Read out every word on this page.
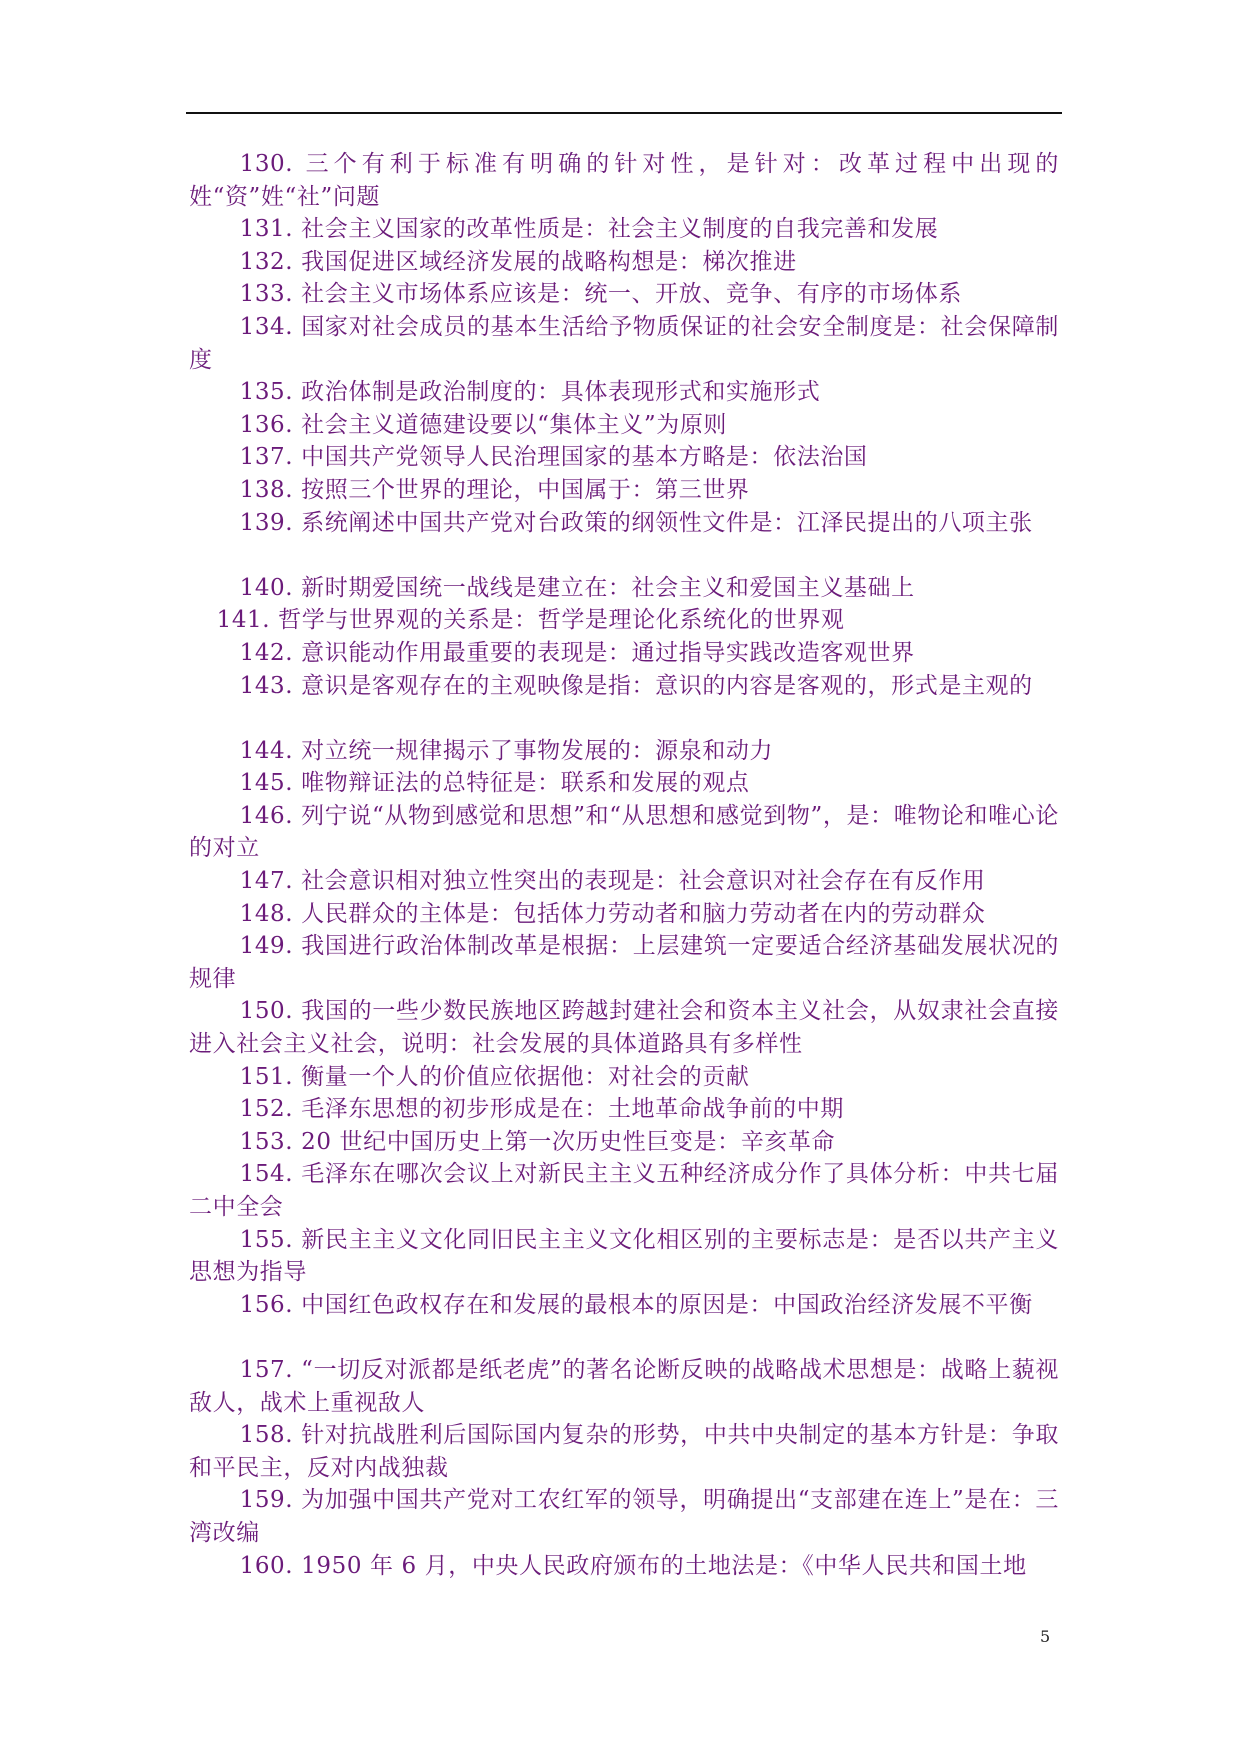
130. 三个有利于标准有明确的针对性，是针对：改革过程中出现的姓“资”姓“社”问题

131. 社会主义国家的改革性质是：社会主义制度的自我完善和发展

132. 我国促进区域经济发展的战略构想是：梯次推进

133. 社会主义市场体系应该是：统一、开放、竞争、有序的市场体系

134. 国家对社会成员的基本生活给予物质保证的社会安全制度是：社会保障制度

135. 政治体制是政治制度的：具体表现形式和实施形式

136. 社会主义道德建设要以“集体主义”为原则

137. 中国共产党领导人民治理国家的基本方略是：依法治国

138. 按照三个世界的理论，中国属于：第三世界

139. 系统阐述中国共产党对台政策的纲领性文件是：江泽民提出的八项主张

140. 新时期爱国统一战线是建立在：社会主义和爱国主义基础上

141. 哲学与世界观的关系是：哲学是理论化系统化的世界观

142. 意识能动作用最重要的表现是：通过指导实践改造客观世界

143. 意识是客观存在的主观映像是指：意识的内容是客观的，形式是主观的

144. 对立统一规律揭示了事物发展的：源泉和动力

145. 唯物辩证法的总特征是：联系和发展的观点

146. 列宁说“从物到感觉和思想”和“从思想和感觉到物”，是：唯物论和唯心论的对立

147. 社会意识相对独立性突出的表现是：社会意识对社会存在有反作用

148. 人民群众的主体是：包括体力劳动者和脑力劳动者在内的劳动群众

149. 我国进行政治体制改革是根据：上层建筑一定要适合经济基础发展状况的规律

150. 我国的一些少数民族地区跨越封建社会和资本主义社会，从奴隶社会直接进入社会主义社会，说明：社会发展的具体道路具有多样性

151. 衡量一个人的价值应依据他：对社会的贡献

152. 毛泽东思想的初步形成是在：土地革命战争前的中期

153. 20 世纪中国历史上第一次历史性巨变是：辛亥革命

154. 毛泽东在哪次会议上对新民主主义五种经济成分作了具体分析：中共七届二中全会

155. 新民主主义文化同旧民主主义文化相区别的主要标志是：是否以共产主义思想为指导

156. 中国红色政权存在和发展的最根本的原因是：中国政治经济发展不平衡

157. “一切反对派都是纸老虎”的著名论断反映的战略战术思想是：战略上藐视敌人，战术上重视敌人

158. 针对抗战胜利后国际国内复杂的形势，中共中央制定的基本方针是：争取和平民主，反对内战独裁

159. 为加强中国共产党对工农红军的领导，明确提出“支部建在连上”是在：三湾改编

160. 1950 年 6 月，中央人民政府颁布的土地法是：《中华人民共和国土地

5
